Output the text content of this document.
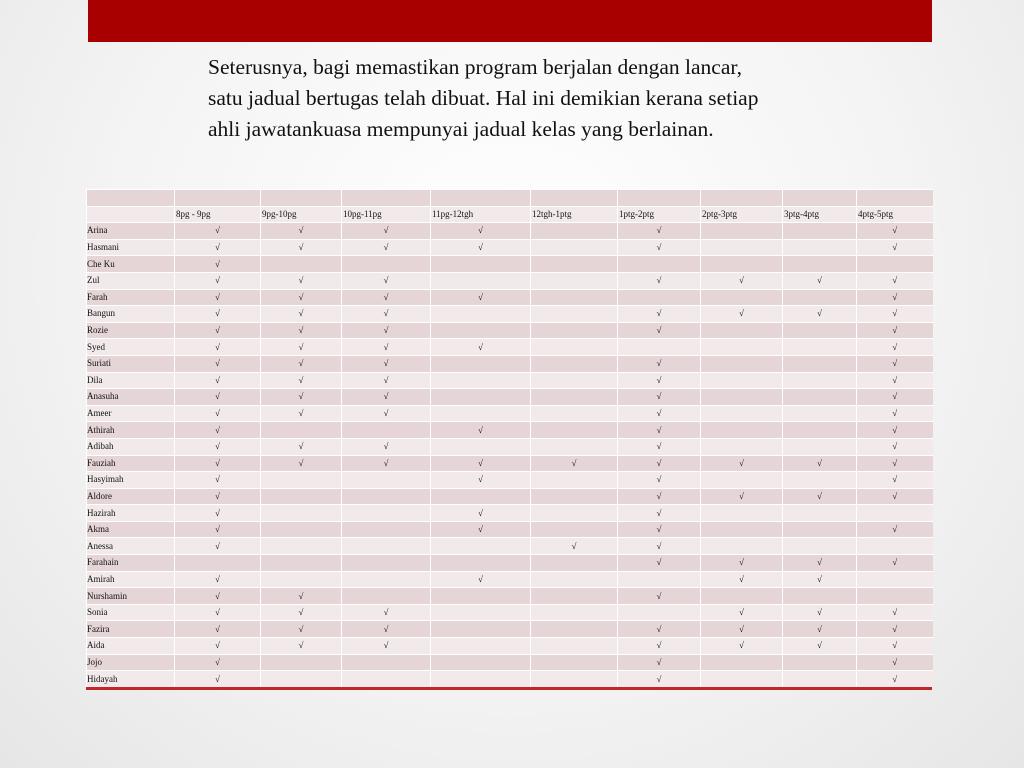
Seterusnya, bagi memastikan program berjalan dengan lancar, satu jadual bertugas telah dibuat. Hal ini demikian kerana setiap ahli jawatankuasa mempunyai jadual kelas yang berlainan.

	8pg - 9pg	9pg-10pg	10pg-11pg	11pg-12tgh	12tgh-1ptg	1ptg-2ptg	2ptg-3ptg	3ptg-4ptg	4ptg-5ptg
Arina	√	√	√	√		√			√
Hasmani	√	√	√	√		√			√
Che Ku	√								
Zul	√	√	√			√	√	√	√
Farah	√	√	√	√					√
Bangun	√	√	√			√	√	√	√
Rozie	√	√	√			√			√
Syed	√	√	√	√					√
Suriati	√	√	√			√			√
Dila	√	√	√			√			√
Anasuha	√	√	√			√			√
Ameer	√	√	√			√			√
Athirah	√			√		√			√
Adibah	√	√	√			√			√
Fauziah	√	√	√	√	√	√	√	√	√
Hasyimah	√			√		√			√
Aldore	√					√	√	√	√
Hazirah	√			√		√			
Akma	√			√		√			√
Anessa	√				√	√			
Farahain						√	√	√	√
Amirah	√			√			√	√	
Nurshamin	√	√				√			
Sonia	√	√	√				√	√	√
Fazira	√	√	√			√	√	√	√
Aida	√	√	√			√	√	√	√
Jojo	√					√			√
Hidayah	√					√			√
